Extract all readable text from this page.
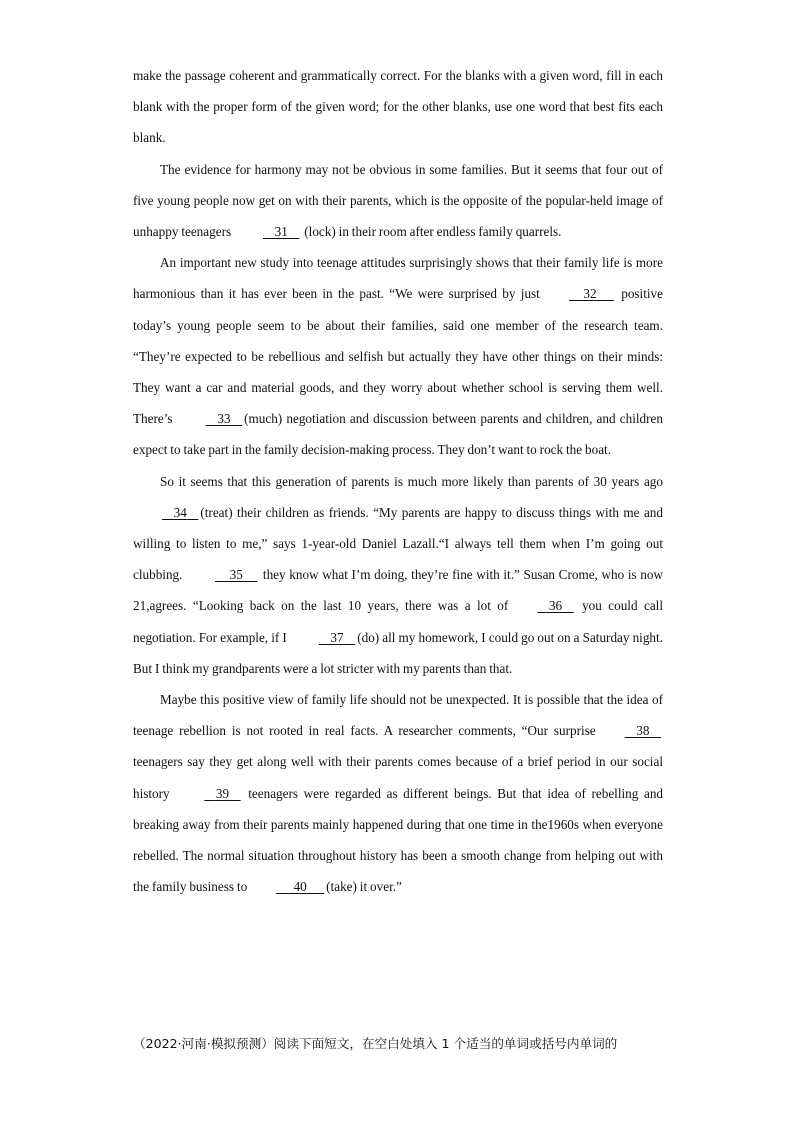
make the passage coherent and grammatically correct. For the blanks with a given word, fill in each blank with the proper form of the given word; for the other blanks, use one word that best fits each blank.

The evidence for harmony may not be obvious in some families. But it seems that four out of five young people now get on with their parents, which is the opposite of the popular-held image of unhappy teenagers	31     (lock) in their room after endless family quarrels.

An important new study into teenage attitudes surprisingly shows that their family life is more harmonious than it has ever been in the past. “We were surprised by just	32       positive today’s young people seem to be about their families, said one member of the research team. “They’re expected to be rebellious and selfish but actually they have other things on their minds: They want a car and material goods, and they worry about whether school is serving them well. There’s	33 (much) negotiation and discussion between parents and children, and children expect to take part in the family decision-making process. They don’t want to rock the boat.

So it seems that this generation of parents is much more likely than parents of 30 years ago    34 (treat) their children as friends. “My parents are happy to discuss things with me and willing to listen to me,” says 1-year-old Daniel Lazall.“I always tell them when I’m going out clubbing.	35      they know what I’m doing, they’re fine with it.” Susan Crome, who is now 21,agrees. “Looking back on the last 10 years, there was a lot of	36     you could call negotiation. For example, if I	37 (do) all my homework, I could go out on a Saturday night. But I think my grandparents were a lot stricter with my parents than that.

Maybe this positive view of family life should not be unexpected. It is possible that the idea of teenage rebellion is not rooted in real facts. A researcher comments, “Our surprise	38     teenagers say they get along well with their parents comes because of a brief period in our social history	39     teenagers were regarded as different beings. But that idea of rebelling and breaking away from their parents mainly happened during that one time in the1960s when everyone rebelled. The normal situation throughout history has been a smooth change from helping out with the family business to	40 (take) it over.”

（2022·河南·模拟预测）阅读下面短文，在空白处填入 1 个适当的单词或括号内单词的
